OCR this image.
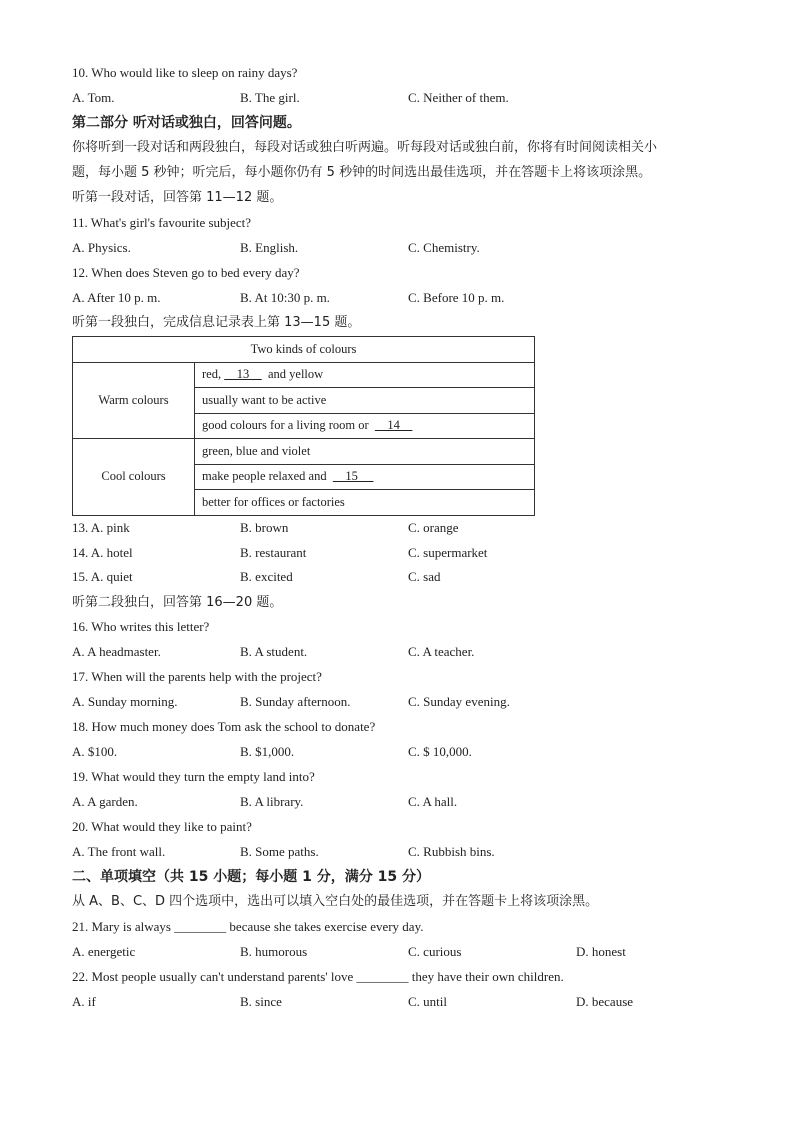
10. Who would like to sleep on rainy days?
A. Tom.	B. The girl.	C. Neither of them.
第二部分 听对话或独白，回答问题。
你将听到一段对话和两段独白，每段对话或独白听两遍。听每段对话或独白前，你将有时间阅读相关小
题，每小题 5 秒钟；听完后，每小题你仍有 5 秒钟的时间选出最佳选项，并在答题卡上将该项涂黑。
听第一段对话，回答第 11—12 题。
11. What's girl's favourite subject?
A. Physics.	B. English.	C. Chemistry.
12. When does Steven go to bed every day?
A. After 10 p. m.	B. At 10:30 p. m.	C. Before 10 p. m.
听第一段独白，完成信息记录表上第 13—15 题。
Two kinds of colours	
Warm colours	red,     13      and yellow
	usually want to be active
	good colours for a living room or      14
Cool colours	green, blue and violet
	make people relaxed and      15
	better for offices or factories
13. A. pink	B. brown	C. orange
14. A. hotel	B. restaurant	C. supermarket
15. A. quiet	B. excited	C. sad
听第二段独白，回答第 16—20 题。
16. Who writes this letter?
A. A headmaster.	B. A student.	C. A teacher.
17. When will the parents help with the project?
A. Sunday morning.	B. Sunday afternoon.	C. Sunday evening.
18. How much money does Tom ask the school to donate?
A. $100.	B. $1,000.	C. $ 10,000.
19. What would they turn the empty land into?
A. A garden.	B. A library.	C. A hall.
20. What would they like to paint?
A. The front wall.	B. Some paths.	C. Rubbish bins.
二、单项填空（共 15 小题；每小题 1 分，满分 15 分）
从 A、B、C、D 四个选项中，选出可以填入空白处的最佳选项，并在答题卡上将该项涂黑。
21. Mary is always ________ because she takes exercise every day.
A. energetic	B. humorous	C. curious	D. honest
22. Most people usually can't understand parents' love ________ they have their own children.
A. if	B. since	C. until	D. because
